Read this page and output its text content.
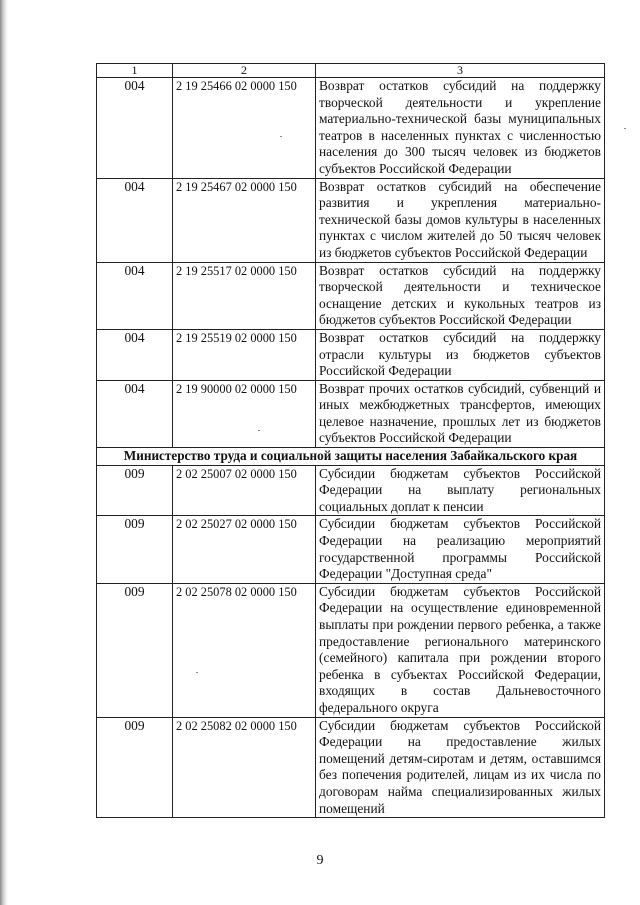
1	2	3
004	2 19 25466 02 0000 150	Возврат остатков субсидий на поддержку творческой деятельности и укрепление материально-технической базы муниципальных театров в населенных пунктах с численностью населения до 300 тысяч человек из бюджетов субъектов Российской Федерации
004	2 19 25467 02 0000 150	Возврат остатков субсидий на обеспечение развития и укрепления материально-технической базы домов культуры в населенных пунктах с числом жителей до 50 тысяч человек из бюджетов субъектов Российской Федерации
004	2 19 25517 02 0000 150	Возврат остатков субсидий на поддержку творческой деятельности и техническое оснащение детских и кукольных театров из бюджетов субъектов Российской Федерации
004	2 19 25519 02 0000 150	Возврат остатков субсидий на поддержку отрасли культуры из бюджетов субъектов Российской Федерации
004	2 19 90000 02 0000 150	Возврат прочих остатков субсидий, субвенций и иных межбюджетных трансфертов, имеющих целевое назначение, прошлых лет из бюджетов субъектов Российской Федерации
Министерство труда и социальной защиты населения Забайкальского края		
009	2 02 25007 02 0000 150	Субсидии бюджетам субъектов Российской Федерации на выплату региональных социальных доплат к пенсии
009	2 02 25027 02 0000 150	Субсидии бюджетам субъектов Российской Федерации на реализацию мероприятий государственной программы Российской Федерации "Доступная среда"
009	2 02 25078 02 0000 150	Субсидии бюджетам субъектов Российской Федерации на осуществление единовременной выплаты при рождении первого ребенка, а также предоставление регионального материнского (семейного) капитала при рождении второго ребенка в субъектах Российской Федерации, входящих в состав Дальневосточного федерального округа
009	2 02 25082 02 0000 150	Субсидии бюджетам субъектов Российской Федерации на предоставление жилых помещений детям-сиротам и детям, оставшимся без попечения родителей, лицам из их числа по договорам найма специализированных жилых помещений
9
